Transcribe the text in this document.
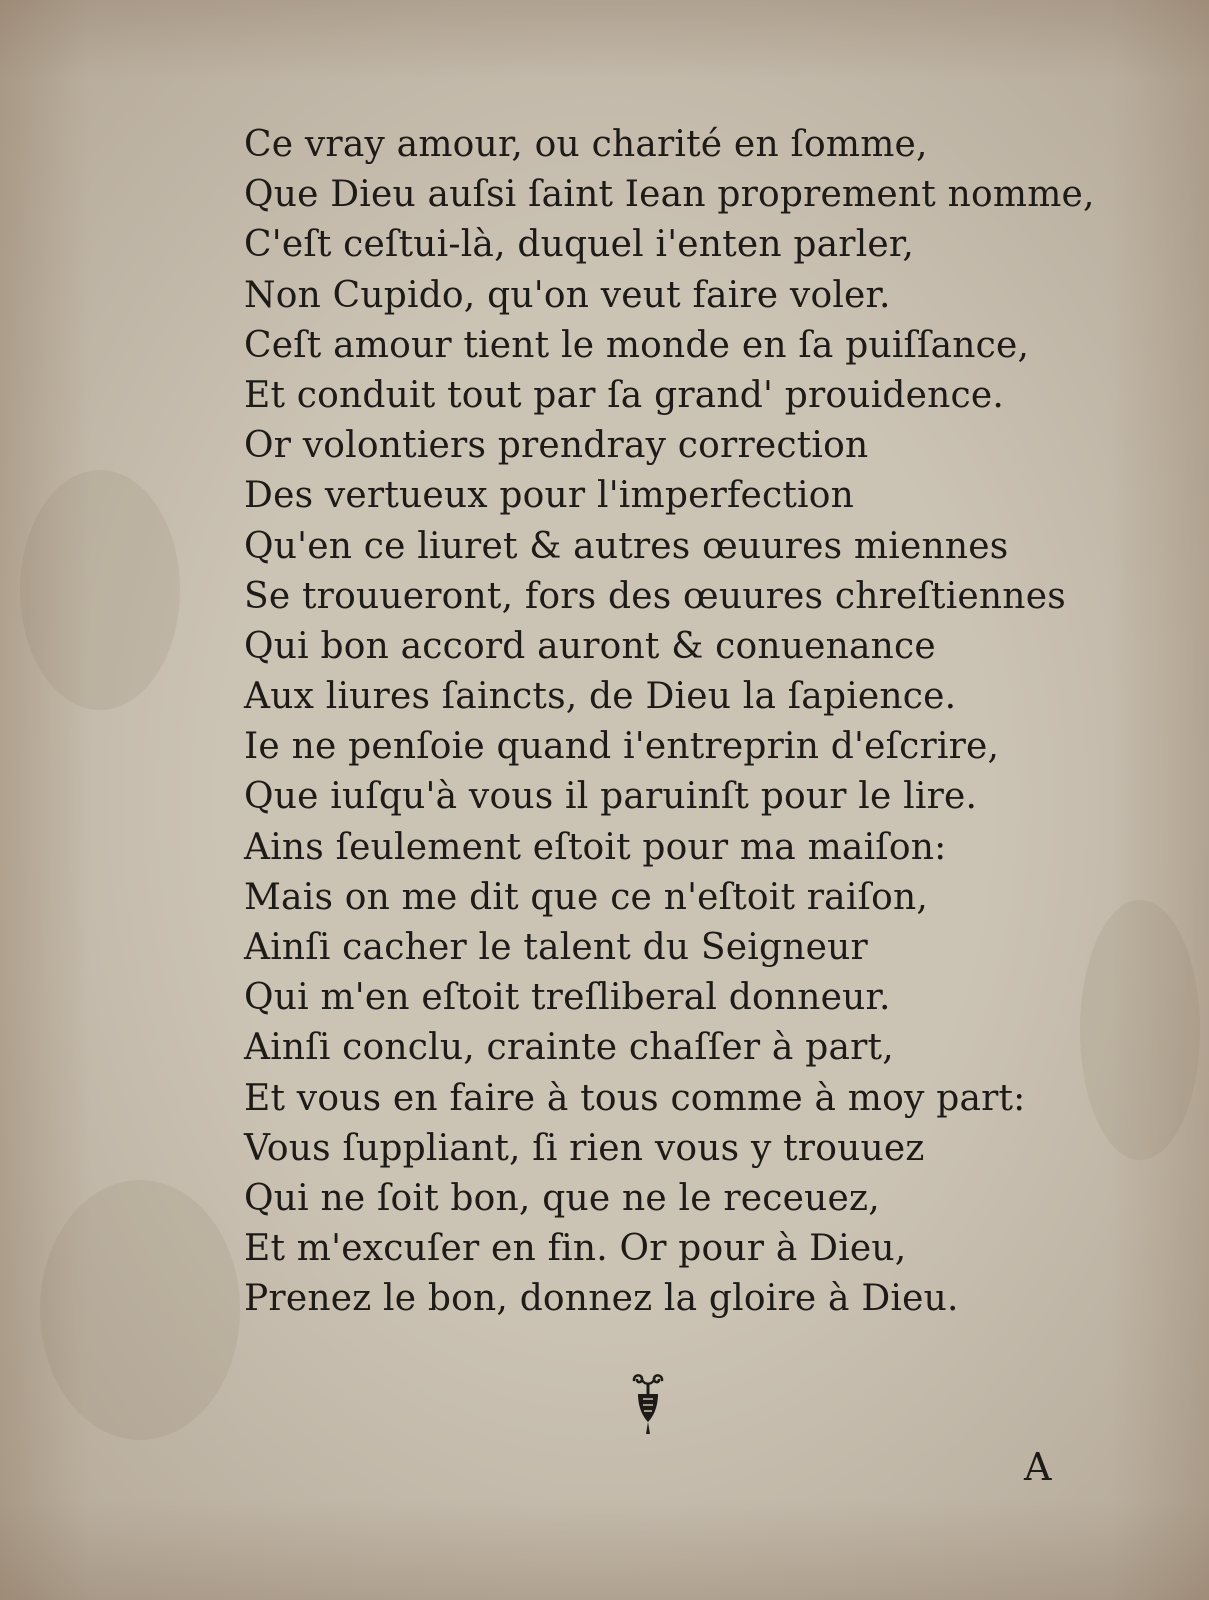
Ce vray amour, ou charité en ſomme,
Que Dieu auſsi ſaint Iean proprement nomme,
C'eſt ceſtui-là, duquel i'enten parler,
Non Cupido, qu'on veut faire voler.
Ceſt amour tient le monde en ſa puiſſance,
Et conduit tout par ſa grand' prouidence.
Or volontiers prendray correction
Des vertueux pour l'imperfection
Qu'en ce liuret & autres œuures miennes
Se trouueront, fors des œuures chreſtiennes
Qui bon accord auront & conuenance
Aux liures ſaincts, de Dieu la ſapience.
Ie ne penſoie quand i'entreprin d'eſcrire,
Que iuſqu'à vous il paruinſt pour le lire.
Ains ſeulement eſtoit pour ma maiſon:
Mais on me dit que ce n'eſtoit raiſon,
Ainſi cacher le talent du Seigneur
Qui m'en eſtoit treſliberal donneur.
Ainſi conclu, crainte chaſſer à part,
Et vous en faire à tous comme à moy part:
Vous ſuppliant, ſi rien vous y trouuez
Qui ne ſoit bon, que ne le receuez,
Et m'excuſer en fin. Or pour à Dieu,
Prenez le bon, donnez la gloire à Dieu.
A
